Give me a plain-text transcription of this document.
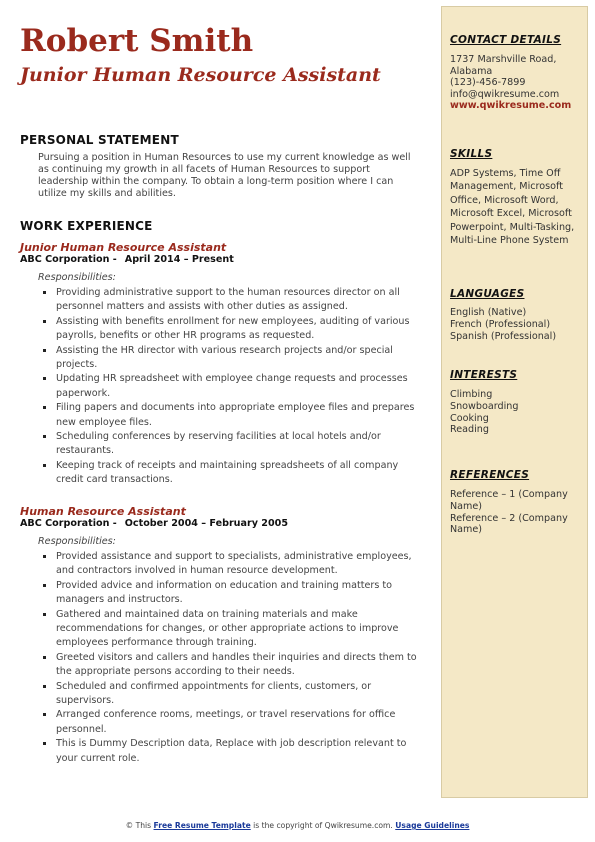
Robert Smith
Junior Human Resource Assistant
PERSONAL STATEMENT
Pursuing a position in Human Resources to use my current knowledge as well as continuing my growth in all facets of Human Resources to support leadership within the company. To obtain a long-term position where I can utilize my skills and abilities.
WORK EXPERIENCE
Junior Human Resource Assistant
ABC Corporation - April 2014 – Present
Responsibilities:
Providing administrative support to the human resources director on all personnel matters and assists with other duties as assigned.
Assisting with benefits enrollment for new employees, auditing of various payrolls, benefits or other HR programs as requested.
Assisting the HR director with various research projects and/or special projects.
Updating HR spreadsheet with employee change requests and processes paperwork.
Filing papers and documents into appropriate employee files and prepares new employee files.
Scheduling conferences by reserving facilities at local hotels and/or restaurants.
Keeping track of receipts and maintaining spreadsheets of all company credit card transactions.
Human Resource Assistant
ABC Corporation - October 2004 – February 2005
Responsibilities:
Provided assistance and support to specialists, administrative employees, and contractors involved in human resource development.
Provided advice and information on education and training matters to managers and instructors.
Gathered and maintained data on training materials and make recommendations for changes, or other appropriate actions to improve employees performance through training.
Greeted visitors and callers and handles their inquiries and directs them to the appropriate persons according to their needs.
Scheduled and confirmed appointments for clients, customers, or supervisors.
Arranged conference rooms, meetings, or travel reservations for office personnel.
This is Dummy Description data, Replace with job description relevant to your current role.
CONTACT DETAILS
1737 Marshville Road, Alabama
(123)-456-7899
info@qwikresume.com
www.qwikresume.com
SKILLS
ADP Systems, Time Off Management, Microsoft Office, Microsoft Word, Microsoft Excel, Microsoft Powerpoint, Multi-Tasking, Multi-Line Phone System
LANGUAGES
English (Native)
French (Professional)
Spanish (Professional)
INTERESTS
Climbing
Snowboarding
Cooking
Reading
REFERENCES
Reference – 1 (Company Name)
Reference – 2 (Company Name)
© This Free Resume Template is the copyright of Qwikresume.com. Usage Guidelines
